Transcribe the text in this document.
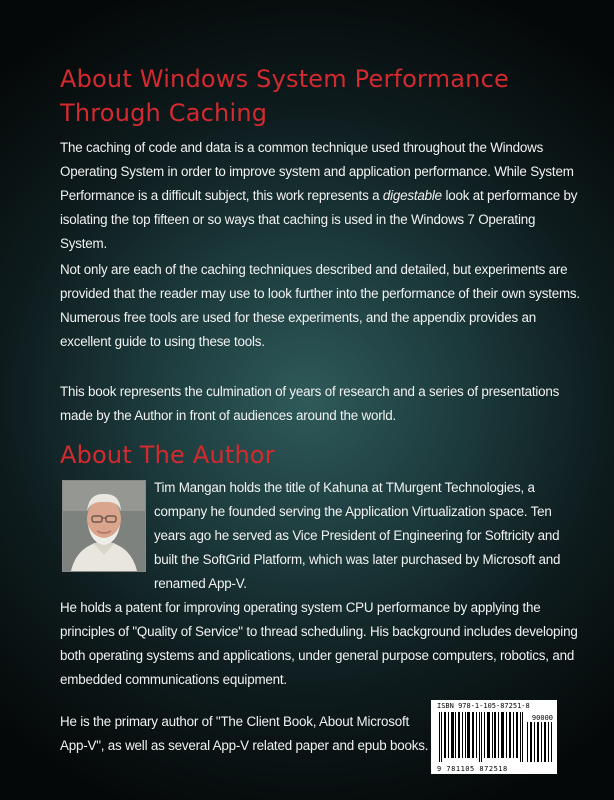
About Windows System Performance
Through Caching

The caching of code and data is a common technique used throughout the Windows Operating System in order to improve system and application performance. While System Performance is a difficult subject, this work represents a digestable look at performance by isolating the top fifteen or so ways that caching is used in the Windows 7 Operating System.

Not only are each of the caching techniques described and detailed, but experiments are provided that the reader may use to look further into the performance of their own systems. Numerous free tools are used for these experiments, and the appendix provides an excellent guide to using these tools.

This book represents the culmination of years of research and a series of presentations made by the Author in front of audiences around the world.

About The Author

Tim Mangan holds the title of Kahuna at TMurgent Technologies, a company he founded serving the Application Virtualization space. Ten years ago he served as Vice President of Engineering for Softricity and built the SoftGrid Platform, which was later purchased by Microsoft and renamed App-V.

He holds a patent for improving operating system CPU performance by applying the principles of "Quality of Service" to thread scheduling. His background includes developing both operating systems and applications, under general purpose computers, robotics, and embedded communications equipment.

He is the primary author of "The Client Book, About Microsoft App-V", as well as several App-V related paper and epub books.

ISBN 978-1-105-87251-8
90000
9 781105 872518
